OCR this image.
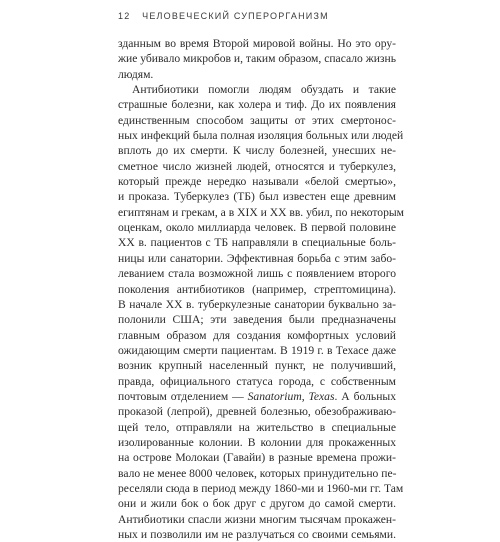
12 ЧЕЛОВЕЧЕСКИЙ СУПЕРОРГАНИЗМ
зданным во время Второй мировой войны. Но это ору-
жие убивало микробов и, таким образом, спасало жизнь
людям.
Антибиотики помогли людям обуздать и такие
страшные болезни, как холера и тиф. До их появления
единственным способом защиты от этих смертонос-
ных инфекций была полная изоляция больных или людей
вплоть до их смерти. К числу болезней, унесших не-
сметное число жизней людей, относятся и туберкулез,
который прежде нередко называли «белой смертью»,
и проказа. Туберкулез (ТБ) был известен еще древним
египтянам и грекам, а в XIX и XX вв. убил, по некоторым
оценкам, около миллиарда человек. В первой половине
XX в. пациентов с ТБ направляли в специальные боль-
ницы или санатории. Эффективная борьба с этим забо-
леванием стала возможной лишь с появлением второго
поколения антибиотиков (например, стрептомицина).
В начале XX в. туберкулезные санатории буквально за-
полонили США; эти заведения были предназначены
главным образом для создания комфортных условий
ожидающим смерти пациентам. В 1919 г. в Техасе даже
возник крупный населенный пункт, не получивший,
правда, официального статуса города, с собственным
почтовым отделением — Sanatorium, Texas. А больных
проказой (лепрой), древней болезнью, обезображиваю-
щей тело, отправляли на жительство в специальные
изолированные колонии. В колонии для прокаженных
на острове Молокаи (Гавайи) в разные времена прожи-
вало не менее 8000 человек, которых принудительно пе-
реселяли сюда в период между 1860-ми и 1960-ми гг. Там
они и жили бок о бок друг с другом до самой смерти.
Антибиотики спасли жизни многим тысячам прокажен-
ных и позволили им не разлучаться со своими семьями.
